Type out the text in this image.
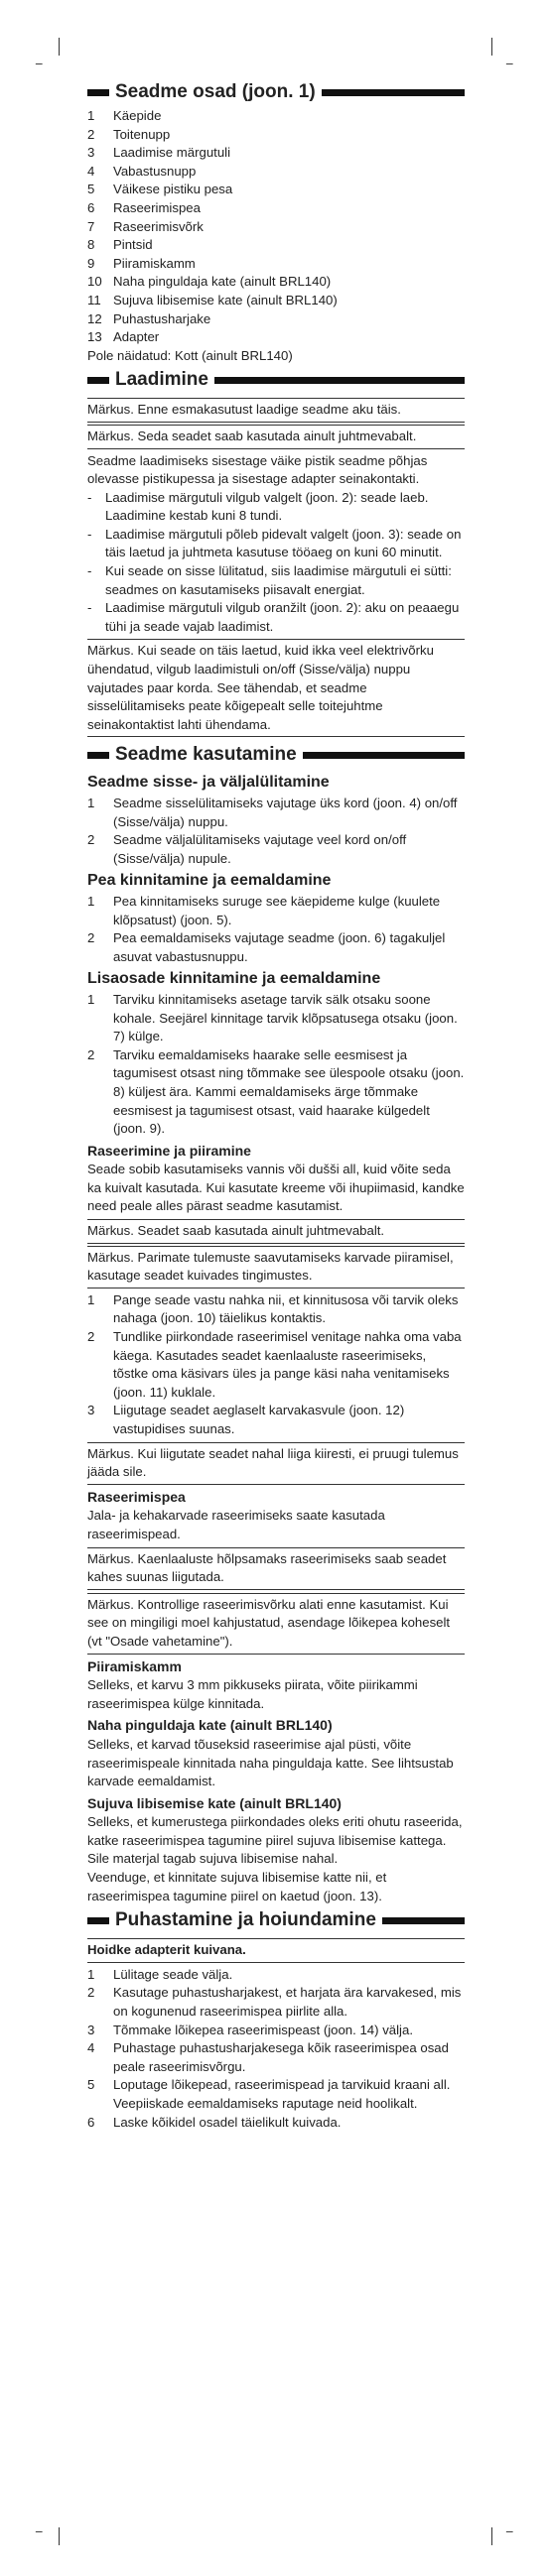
_	_
_	_
Seadme osad (joon. 1)
1	Käepide
2	Toitenupp
3	Laadimise märgutuli
4	Vabastusnupp
5	Väikese pistiku pesa
6	Raseerimispea
7	Raseerimisvõrk
8	Pintsid
9	Piiramiskamm
10 Naha pinguldaja kate (ainult BRL140)
11 Sujuva libisemise kate (ainult BRL140)
12 Puhastusharjake
13 Adapter

Pole näidatud: Kott (ainult BRL140)

Laadimine
Märkus. Enne esmakasutust laadige seadme aku täis.
Märkus. Seda seadet saab kasutada ainult juhtmevabalt.

Seadme laadimiseks sisestage väike pistik seadme põhjas olevasse pistikupessa ja sisestage adapter seinakontakti.

-	Laadimise märgutuli vilgub valgelt (joon. 2): seade laeb. Laadimine kestab kuni 8 tundi.
-	Laadimise märgutuli põleb pidevalt valgelt (joon. 3): seade on täis laetud ja juhtmeta kasutuse tööaeg on kuni 60 minutit.
-	Kui seade on sisse lülitatud, siis laadimise märgutuli ei sütti: seadmes on kasutamiseks piisavalt energiat.
-	Laadimise märgutuli vilgub oranžilt (joon. 2): aku on peaaegu tühi ja seade vajab laadimist.
Märkus. Kui seade on täis laetud, kuid ikka veel elektrivõrku ühendatud, vilgub laadimistuli on/off (Sisse/välja) nuppu vajutades paar korda. See tähendab, et seadme sisselülitamiseks peate kõigepealt selle toitejuhtme seinakontaktist lahti ühendama.
Seadme kasutamine
Seadme sisse- ja väljalülitamine
1	Seadme sisselülitamiseks vajutage üks kord (joon. 4) on/off (Sisse/välja) nuppu.
2	Seadme väljalülitamiseks vajutage veel kord on/off (Sisse/välja) nupule.
Pea kinnitamine ja eemaldamine
1	Pea kinnitamiseks suruge see käepideme kulge (kuulete klõpsatust) (joon. 5).
2	Pea eemaldamiseks vajutage seadme (joon. 6) tagakuljel asuvat vabastusnuppu.
Lisaosade kinnitamine ja eemaldamine
1	Tarviku kinnitamiseks asetage tarvik sälk otsaku soone kohale. Seejärel kinnitage tarvik klõpsatusega otsaku (joon. 7) külge.
2	Tarviku eemaldamiseks haarake selle eesmisest ja tagumisest otsast ning tõmmake see ülespoole otsaku (joon. 8) küljest ära. Kammi eemaldamiseks ärge tõmmake eesmisest ja tagumisest otsast, vaid haarake külgedelt (joon. 9).
Raseerimine ja piiramine

Seade sobib kasutamiseks vannis või dušši all, kuid võite seda ka kuivalt kasutada. Kui kasutate kreeme või ihupiimasid, kandke need peale alles pärast seadme kasutamist.

Märkus. Seadet saab kasutada ainult juhtmevabalt.
Märkus. Parimate tulemuste saavutamiseks karvade piiramisel, kasutage seadet kuivades tingimustes.
1	Pange seade vastu nahka nii, et kinnitusosa või tarvik oleks nahaga (joon. 10) täielikus kontaktis.
2	Tundlike piirkondade raseerimisel venitage nahka oma vaba käega. Kasutades seadet kaenlaaluste raseerimiseks, tõstke oma käsivars üles ja pange käsi naha venitamiseks (joon. 11) kuklale.
3	Liigutage seadet aeglaselt karvakasvule (joon. 12) vastupidises suunas.
Märkus. Kui liigutate seadet nahal liiga kiiresti, ei pruugi tulemus jääda sile.
Raseerimispea

Jala- ja kehakarvade raseerimiseks saate kasutada raseerimispead.

Märkus. Kaenlaaluste hõlpsamaks raseerimiseks saab seadet kahes suunas liigutada.
Märkus. Kontrollige raseerimisvõrku alati enne kasutamist. Kui see on mingiligi moel kahjustatud, asendage lõikepea koheselt (vt "Osade vahetamine").
Piiramiskamm

Selleks, et karvu 3 mm pikkuseks piirata, võite piirikammi raseerimispea külge kinnitada.

Naha pinguldaja kate (ainult BRL140)

Selleks, et karvad tõuseksid raseerimise ajal püsti, võite raseerimispeale kinnitada naha pinguldaja katte. See lihtsustab karvade eemaldamist.

Sujuva libisemise kate (ainult BRL140)

Selleks, et kumerustega piirkondades oleks eriti ohutu raseerida, katke raseerimispea tagumine piirel sujuva libisemise kattega. Sile materjal tagab sujuva libisemise nahal.

Veenduge, et kinnitate sujuva libisemise katte nii, et raseerimispea tagumine piirel on kaetud (joon. 13).

Puhastamine ja hoiundamine
Hoidke adapterit kuivana.
1	Lülitage seade välja.
2	Kasutage puhastusharjakest, et harjata ära karvakesed, mis on kogunenud raseerimispea piirlite alla.
3	Tõmmake lõikepea raseerimispeast (joon. 14) välja.
4	Puhastage puhastusharjakesega kõik raseerimispea osad peale raseerimisvõrgu.
5	Loputage lõikepead, raseerimispead ja tarvikuid kraani all. Veepiiskade eemaldamiseks raputage neid hoolikalt.
6	Laske kõikidel osadel täielikult kuivada.
